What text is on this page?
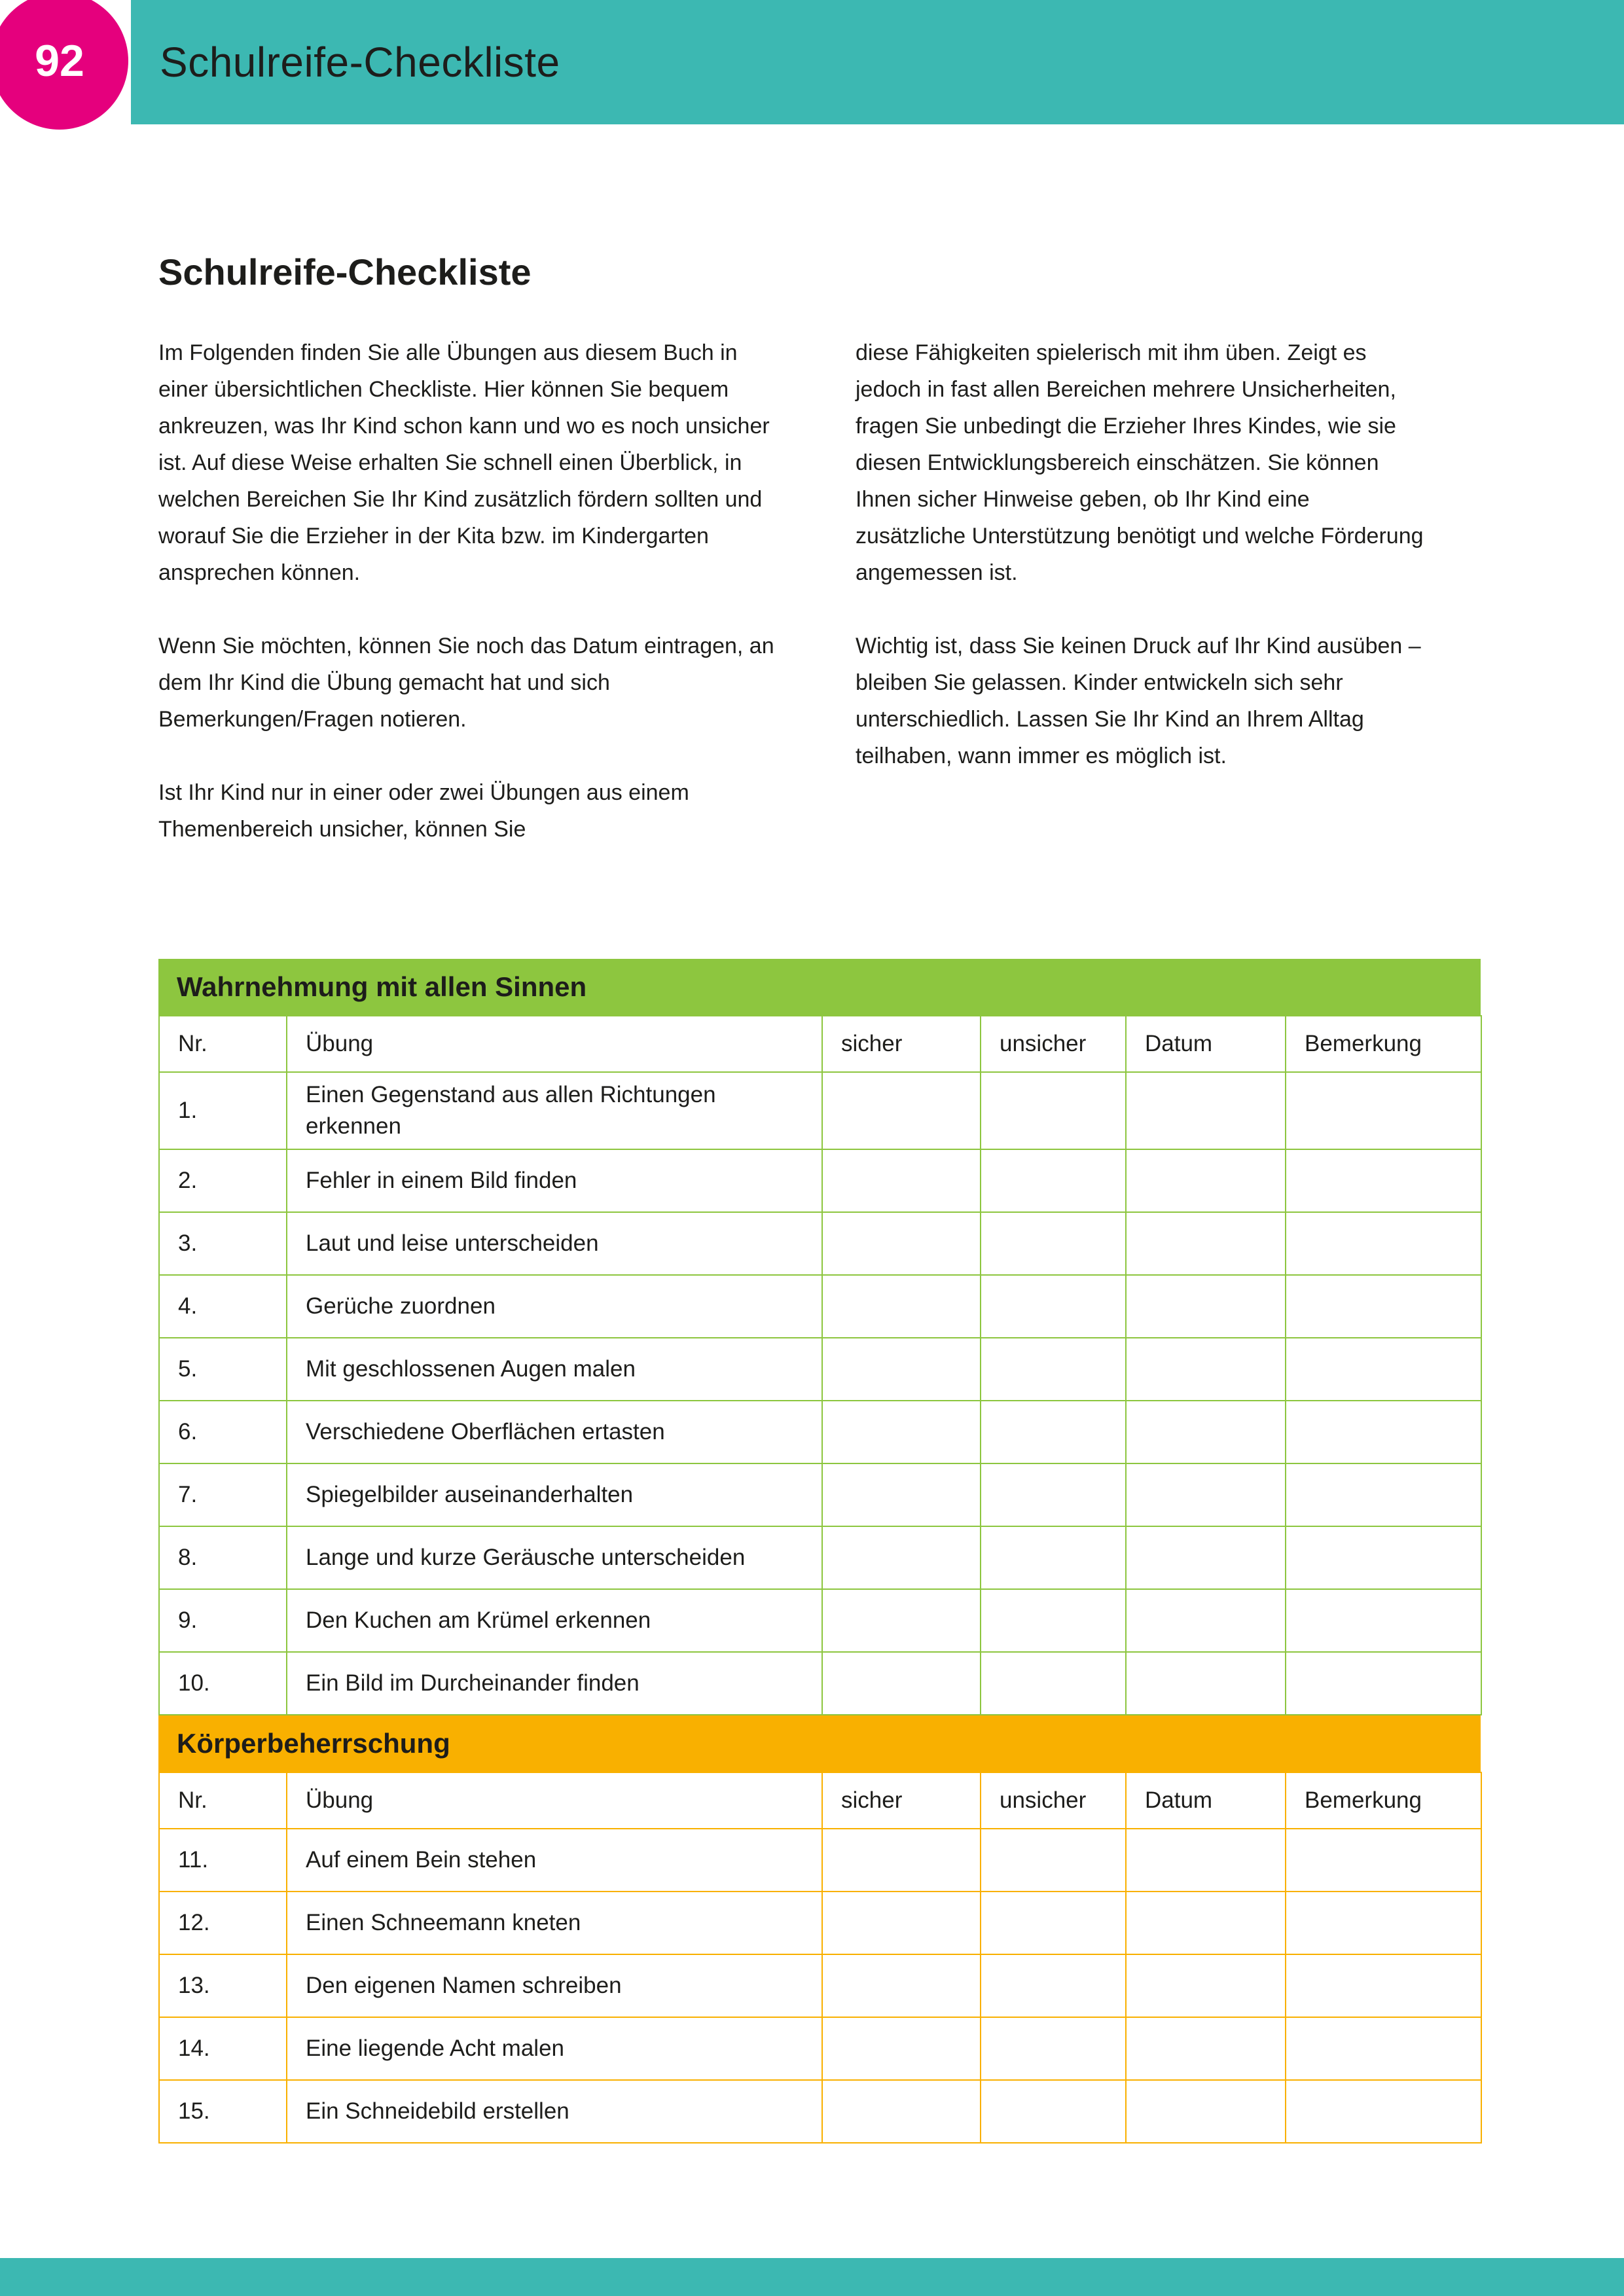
Schulreife-Checkliste
92
Schulreife-Checkliste

Im Folgenden finden Sie alle Übungen aus diesem Buch in einer übersichtlichen Checkliste. Hier können Sie bequem ankreuzen, was Ihr Kind schon kann und wo es noch unsicher ist. Auf diese Weise erhalten Sie schnell einen Überblick, in welchen Bereichen Sie Ihr Kind zusätzlich fördern sollten und worauf Sie die Erzieher in der Kita bzw. im Kindergarten ansprechen können.

Wenn Sie möchten, können Sie noch das Datum eintragen, an dem Ihr Kind die Übung gemacht hat und sich Bemerkungen/Fragen notieren.

Ist Ihr Kind nur in einer oder zwei Übungen aus einem Themenbereich unsicher, können Sie

diese Fähigkeiten spielerisch mit ihm üben. Zeigt es jedoch in fast allen Bereichen mehrere Unsicherheiten, fragen Sie unbedingt die Erzieher Ihres Kindes, wie sie diesen Entwicklungsbereich einschätzen. Sie können Ihnen sicher Hinweise geben, ob Ihr Kind eine zusätzliche Unterstützung benötigt und welche Förderung angemessen ist.

Wichtig ist, dass Sie keinen Druck auf Ihr Kind ausüben – bleiben Sie gelassen. Kinder entwickeln sich sehr unterschiedlich. Lassen Sie Ihr Kind an Ihrem Alltag teilhaben, wann immer es möglich ist.

Wahrnehmung mit allen Sinnen
Nr.	Übung	sicher	unsicher	Datum	Bemerkung
1.	Einen Gegenstand aus allen Richtungen erkennen				
2.	Fehler in einem Bild finden				
3.	Laut und leise unterscheiden				
4.	Gerüche zuordnen				
5.	Mit geschlossenen Augen malen				
6.	Verschiedene Oberflächen ertasten				
7.	Spiegelbilder auseinanderhalten				
8.	Lange und kurze Geräusche unterscheiden				
9.	Den Kuchen am Krümel erkennen				
10.	Ein Bild im Durcheinander finden				
Körperbeherrschung
Nr.	Übung	sicher	unsicher	Datum	Bemerkung
11.	Auf einem Bein stehen				
12.	Einen Schneemann kneten				
13.	Den eigenen Namen schreiben				
14.	Eine liegende Acht malen				
15.	Ein Schneidebild erstellen				
